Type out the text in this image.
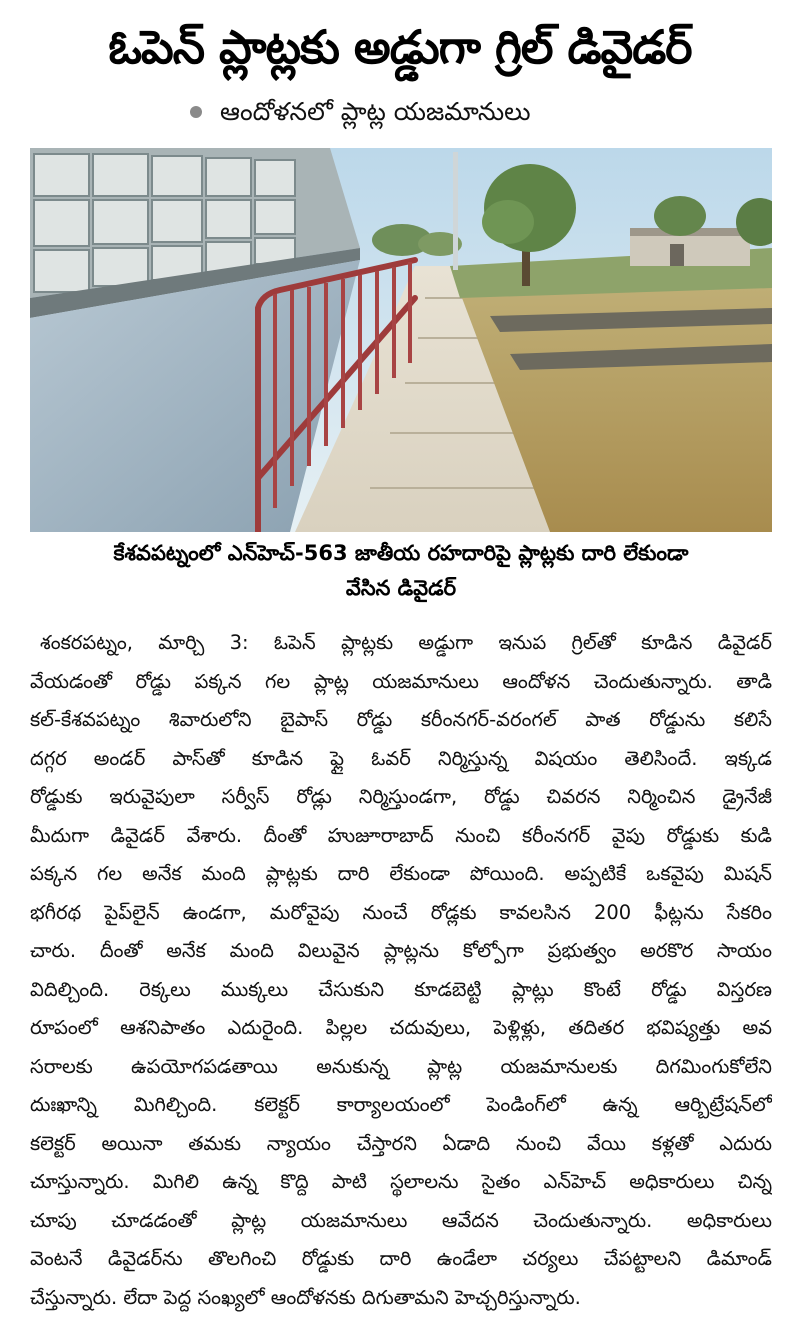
ఓపెన్ ప్లాట్లకు అడ్డుగా గ్రిల్ డివైడర్
ఆందోళనలో ప్లాట్ల యజమానులు
కేశవపట్నంలో ఎన్‌హెచ్‌-563 జాతీయ రహదారిపై ప్లాట్లకు దారి లేకుండా
వేసిన డివైడర్
శంకరపట్నం, మార్చి 3: ఓపెన్ ప్లాట్లకు అడ్డుగా ఇనుప గ్రిల్‌తో కూడిన డివైడర్
వేయడంతో రోడ్డు పక్కన గల ప్లాట్ల యజమానులు ఆందోళన చెందుతున్నారు. తాడి
కల్‌-కేశవపట్నం శివారులోని బైపాస్ రోడ్డు కరీంనగర్‌-వరంగల్ పాత రోడ్డును కలిసే
దగ్గర అండర్ పాస్‌తో కూడిన ఫ్లై ఓవర్ నిర్మిస్తున్న విషయం తెలిసిందే. ఇక్కడ
రోడ్డుకు ఇరువైపులా సర్వీస్ రోడ్లు నిర్మిస్తుండగా, రోడ్డు చివరన నిర్మించిన డ్రైనేజీ
మీదుగా డివైడర్ వేశారు. దీంతో హుజూరాబాద్ నుంచి కరీంనగర్ వైపు రోడ్డుకు కుడి
పక్కన గల అనేక మంది ప్లాట్లకు దారి లేకుండా పోయింది. అప్పటికే ఒకవైపు మిషన్
భగీరథ పైప్‌లైన్ ఉండగా, మరోవైపు నుంచే రోడ్లకు కావలసిన 200 ఫీట్లను సేకరిం
చారు. దీంతో అనేక మంది విలువైన ప్లాట్లను కోల్పోగా ప్రభుత్వం అరకొర సాయం
విదిల్చింది. రెక్కలు ముక్కలు చేసుకుని కూడబెట్టి ప్లాట్లు కొంటే రోడ్డు విస్తరణ
రూపంలో ఆశనిపాతం ఎదురైంది. పిల్లల చదువులు, పెళ్లిళ్లు, తదితర భవిష్యత్తు అవ
సరాలకు ఉపయోగపడతాయి అనుకున్న ప్లాట్ల యజమానులకు దిగమింగుకోలేని
దుఃఖాన్ని మిగిల్చింది. కలెక్టర్ కార్యాలయంలో పెండింగ్‌లో ఉన్న ఆర్బిట్రేషన్‌లో
కలెక్టర్ అయినా తమకు న్యాయం చేస్తారని ఏడాది నుంచి వేయి కళ్లతో ఎదురు
చూస్తున్నారు. మిగిలి ఉన్న కొద్ది పాటి స్థలాలను సైతం ఎన్‌హెచ్ అధికారులు చిన్న
చూపు చూడడంతో ప్లాట్ల యజమానులు ఆవేదన చెందుతున్నారు. అధికారులు
వెంటనే డివైడర్‌ను తొలగించి రోడ్డుకు దారి ఉండేలా చర్యలు చేపట్టాలని డిమాండ్
చేస్తున్నారు. లేదా పెద్ద సంఖ్యలో ఆందోళనకు దిగుతామని హెచ్చరిస్తున్నారు.
